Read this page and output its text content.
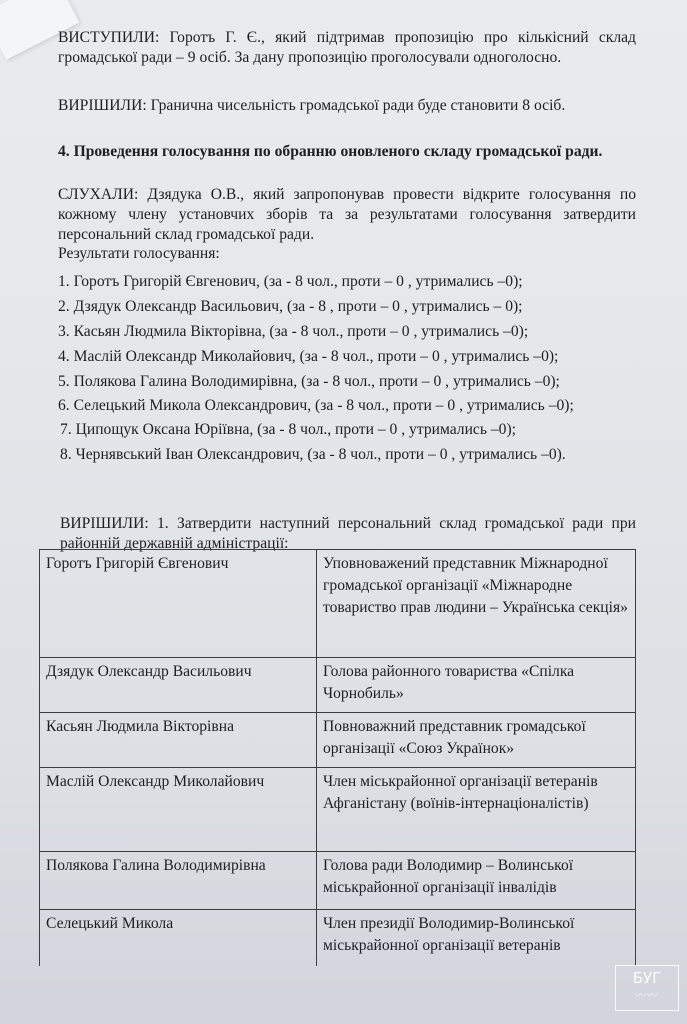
ВИСТУПИЛИ: Горотъ Г. Є., який підтримав пропозицію про кількісний склад громадської ради – 9 осіб. За дану пропозицію проголосували одноголосно.
ВИРІШИЛИ: Гранична чисельність громадської ради буде становити 8 осіб.
4. Проведення голосування по обранню оновленого складу громадської ради.
СЛУХАЛИ: Дзядука О.В., який запропонував провести відкрите голосування по кожному члену установчих зборів та за результатами голосування затвердити персональний склад громадської ради.
Результати голосування:
1. Горотъ Григорій Євгенович, (за - 8 чол., проти – 0 , утримались –0);
2. Дзядук Олександр Васильович, (за - 8 , проти – 0 , утримались – 0);
3. Касьян Людмила Вікторівна, (за - 8 чол., проти – 0 , утримались –0);
4. Маслій Олександр Миколайович, (за - 8 чол., проти – 0 , утримались –0);
5. Полякова Галина Володимирівна, (за - 8 чол., проти – 0 , утримались –0);
6. Селецький Микола Олександрович, (за - 8 чол., проти – 0 , утримались –0);
7. Ципощук Оксана Юріївна, (за - 8 чол., проти – 0 , утримались –0);
8. Чернявський Іван Олександрович, (за - 8 чол., проти – 0 , утримались –0).
ВИРІШИЛИ: 1. Затвердити наступний персональний склад громадської ради при районній державній адміністрації:
Горотъ Григорій Євгенович	Уповноважений представник Міжнародної громадської організації «Міжнародне товариство прав людини – Українська секція»
Дзядук Олександр Васильович	Голова районного товариства «Спілка Чорнобиль»
Касьян Людмила Вікторівна	Повноважний представник громадської організації «Союз Українок»
Маслій Олександр Миколайович	Член міськрайонної організації ветеранів Афганістану (воїнів-інтернаціоналістів)
Полякова Галина Володимирівна	Голова ради Володимир – Волинської міськрайонної організації інвалідів
Селецький Микола	Член президії Володимир-Волинської міськрайонної організації ветеранів
БУГ
〰〰
